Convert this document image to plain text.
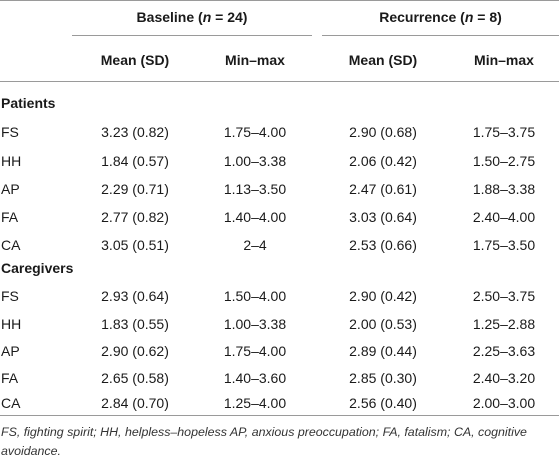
Baseline (n = 24)	Recurrence (n = 8)
Mean (SD)	Min–max	Mean (SD)	Min–max
Patients
FS	3.23 (0.82)	1.75–4.00	2.90 (0.68)	1.75–3.75
HH	1.84 (0.57)	1.00–3.38	2.06 (0.42)	1.50–2.75
AP	2.29 (0.71)	1.13–3.50	2.47 (0.61)	1.88–3.38
FA	2.77 (0.82)	1.40–4.00	3.03 (0.64)	2.40–4.00
CA	3.05 (0.51)	2–4	2.53 (0.66)	1.75–3.50
Caregivers
FS	2.93 (0.64)	1.50–4.00	2.90 (0.42)	2.50–3.75
HH	1.83 (0.55)	1.00–3.38	2.00 (0.53)	1.25–2.88
AP	2.90 (0.62)	1.75–4.00	2.89 (0.44)	2.25–3.63
FA	2.65 (0.58)	1.40–3.60	2.85 (0.30)	2.40–3.20
CA	2.84 (0.70)	1.25–4.00	2.56 (0.40)	2.00–3.00
FS, fighting spirit; HH, helpless–hopeless AP, anxious preoccupation; FA, fatalism; CA, cognitive avoidance.
